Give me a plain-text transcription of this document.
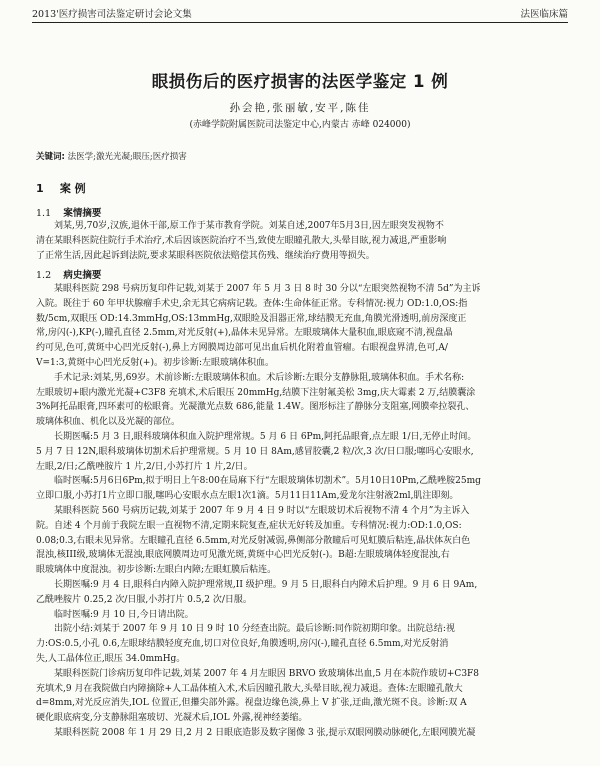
2013'医疗损害司法鉴定研讨会论文集	法医临床篇
眼损伤后的医疗损害的法医学鉴定 1 例
孙会艳,张丽敏,安平,陈佳
(赤峰学院附属医院司法鉴定中心,内蒙古 赤峰 024000)
关键词: 法医学;激光光凝;眼压;医疗损害
1 案 例
1.1 案情摘要
刘某,男,70岁,汉族,退休干部,原工作于某市教育学院。刘某自述,2007年5月3日,因左眼突发视物不
清在某眼科医院住院行手术治疗,术后因该医院治疗不当,致使左眼瞳孔散大,头晕目眩,视力减退,严重影响
了正常生活,因此起诉到法院,要求某眼科医院依法赔偿其伤残、继续治疗费用等损失。
1.2 病史摘要
某眼科医院 298 号病历复印件记载,刘某于 2007 年 5 月 3 日 8 时 30 分以“左眼突然视物不清 5d”为主诉
入院。既往于 60 年甲状腺瘤手术史,余无其它病病记载。查体:生命体征正常。专科情况:视力 OD:1.0,OS:指
数/5cm,双眼压 OD:14.3mmHg,OS:13mmHg,双眼睑及泪器正常,球结膜无充血,角膜光滑透明,前房深度正
常,房闪(-),KP(-),瞳孔直径 2.5mm,对光反射(+),晶体未见异常。左眼玻璃体大量积血,眼底窥不清,视盘晶
约可见,色可,黄斑中心凹光反射(-),鼻上方网膜周边部可见出血后机化附着血管瘤。右眼视盘界清,色可,A/
V=1:3,黄斑中心凹光反射(+)。初步诊断:左眼玻璃体积血。
手术记录:刘某,男,69岁。术前诊断:左眼玻璃体积血。术后诊断:左眼分支静脉阻,玻璃体积血。手术名称:
左眼玻切+眼内激光光凝+C3F8 充填术,术后眼压 20mmHg,结膜下注射氟美松 3mg,庆大霉素 2 万,结膜囊涂
3%阿托品眼膏,四环素可的松眼膏。光凝激光点数 686,能量 1.4W。图形标注了静脉分支阻塞,网膜牵拉裂孔、
玻璃体积血、机化以及光凝的部位。
长期医嘱:5 月 3 日,眼科玻璃体积血入院护理常规。5 月 6 日 6Pm,阿托品眼膏,点左眼 1/日,无停止时间。
5 月 7 日 12N,眼科玻璃体切割术后护理常规。5 月 10 日 8Am,感冒胶囊,2 粒/次,3 次/日口服;噻吗心安眼水,
左眼,2/日;乙酰唑胺片 1 片,2/日,小苏打片 1 片,2/日。
临时医嘱:5月6日6Pm,拟于明日上午8:00在局麻下行“左眼玻璃体切割术”。5月10日10Pm,乙酰唑胺25mg
立即口服,小苏打1片立即口服,噻吗心安眼水点左眼1次1滴。5月11日11Am,爱龙尔注射液2ml,肌注即刻。
某眼科医院 560 号病历记载,刘某于 2007 年 9 月 4 日 9 时以“左眼玻切术后视物不清 4 个月”为主诉入
院。自述 4 个月前于我院左眼一直视物不清,定期来院复查,症状无好转及加重。专科情况:视力:OD:1.0,OS:
0.08;0.3,右眼未见异常。左眼瞳孔直径 6.5mm,对光反射减弱,鼻侧部分散瞳后可见虹膜后粘连,晶状体灰白色
混浊,核III级,玻璃体无混浊,眼底网膜周边可见激光斑,黄斑中心凹光反射(-)。B超:左眼玻璃体轻度混浊,右
眼玻璃体中度混浊。初步诊断:左眼白内障;左眼虹膜后粘连。
长期医嘱:9 月 4 日,眼科白内障入院护理常规,II 级护理。9 月 5 日,眼科白内障术后护理。9 月 6 日 9Am,
乙酰唑胺片 0.25,2 次/日服,小苏打片 0.5,2 次/日服。
临时医嘱:9 月 10 日,今日请出院。
出院小结:刘某于 2007 年 9 月 10 日 9 时 10 分经查出院。最后诊断:同作院初期印象。出院总结:视
力:OS:0.5,小孔 0.6,左眼球结膜轻度充血,切口对位良好,角膜透明,房闪(-),瞳孔直径 6.5mm,对光反射消
失,人工晶体位正,眼压 34.0mmHg。
某眼科医院门诊病历复印件记载,刘某 2007 年 4 月左眼因 BRVO 致玻璃体出血,5 月在本院作玻切+C3F8
充填术,9 月在我院做白内障摘除+人工晶体植入术,术后因瞳孔散大,头晕目眩,视力减退。查体:左眼瞳孔散大
d=8mm,对光反应消失,IOL 位置正,但攥尖部外露。视盘边缘色淡,鼻上 V 扩张,迂曲,激光斑不良。诊断:双 A
硬化眼底病变,分支静脉阻塞玻切、光凝术后,IOL 外露,视神经萎缩。
某眼科医院 2008 年 1 月 29 日,2 月 2 日眼底造影及数字图像 3 张,提示双眼网膜动脉硬化,左眼网膜光凝
